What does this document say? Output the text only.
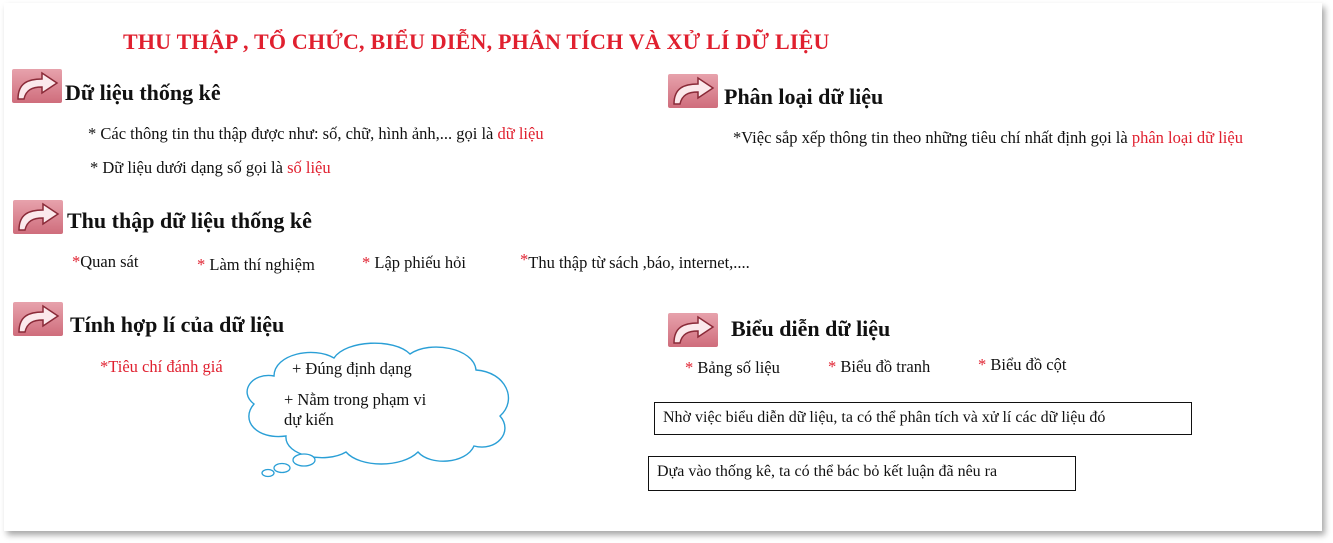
THU THẬP , TỔ CHỨC, BIỂU DIỄN, PHÂN TÍCH VÀ XỬ LÍ DỮ LIỆU
Dữ liệu thống kê
* Các thông tin thu thập được như: số, chữ, hình ảnh,... gọi là dữ liệu
* Dữ liệu dưới dạng số gọi là số liệu
Phân loại dữ liệu
*Việc sắp xếp thông tin theo những tiêu chí nhất định gọi là phân loại dữ liệu
Thu thập dữ liệu thống kê
*Quan sát	* Làm thí nghiệm	* Lập phiếu hỏi	*Thu thập từ sách ,báo, internet,....
Tính hợp lí của dữ liệu
*Tiêu chí đánh giá	+ Đúng định dạng
+ Nằm trong phạm vi
dự kiến
Biểu diễn dữ liệu
* Bảng số liệu	* Biểu đồ tranh	* Biểu đồ cột
Nhờ việc biểu diễn dữ liệu, ta có thể phân tích và xử lí các dữ liệu đó
Dựa vào thống kê, ta có thể bác bỏ kết luận đã nêu ra
